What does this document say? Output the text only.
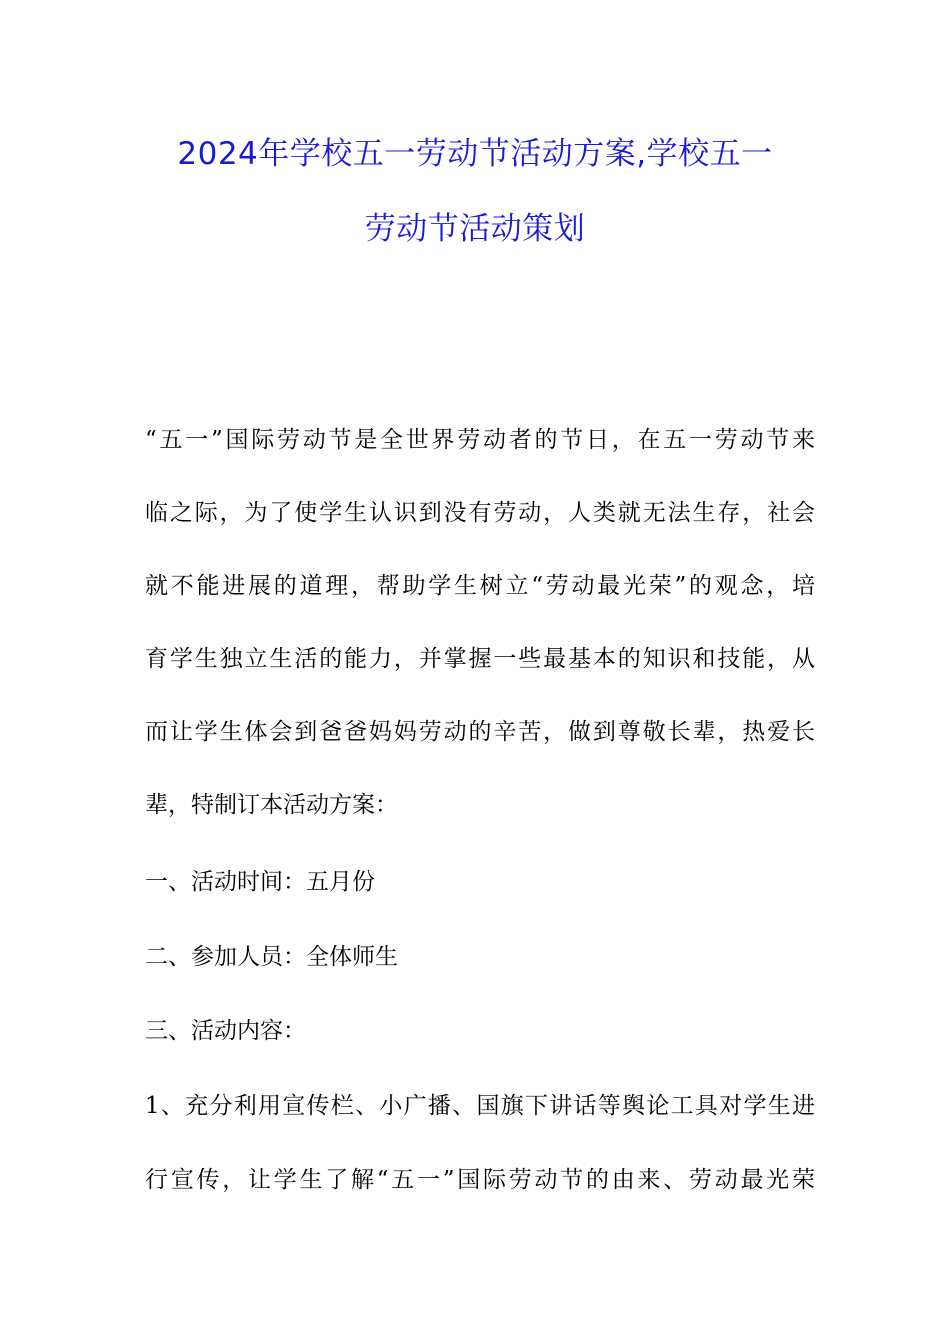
2024年学校五一劳动节活动方案,学校五一
劳动节活动策划
“五一”国际劳动节是全世界劳动者的节日，在五一劳动节来
临之际，为了使学生认识到没有劳动，人类就无法生存，社会
就不能进展的道理，帮助学生树立“劳动最光荣”的观念，培
育学生独立生活的能力，并掌握一些最基本的知识和技能，从
而让学生体会到爸爸妈妈劳动的辛苦，做到尊敬长辈，热爱长
辈，特制订本活动方案：
一、活动时间：五月份
二、参加人员：全体师生
三、活动内容：
1、充分利用宣传栏、小广播、国旗下讲话等舆论工具对学生进
行宣传，让学生了解“五一”国际劳动节的由来、劳动最光荣
